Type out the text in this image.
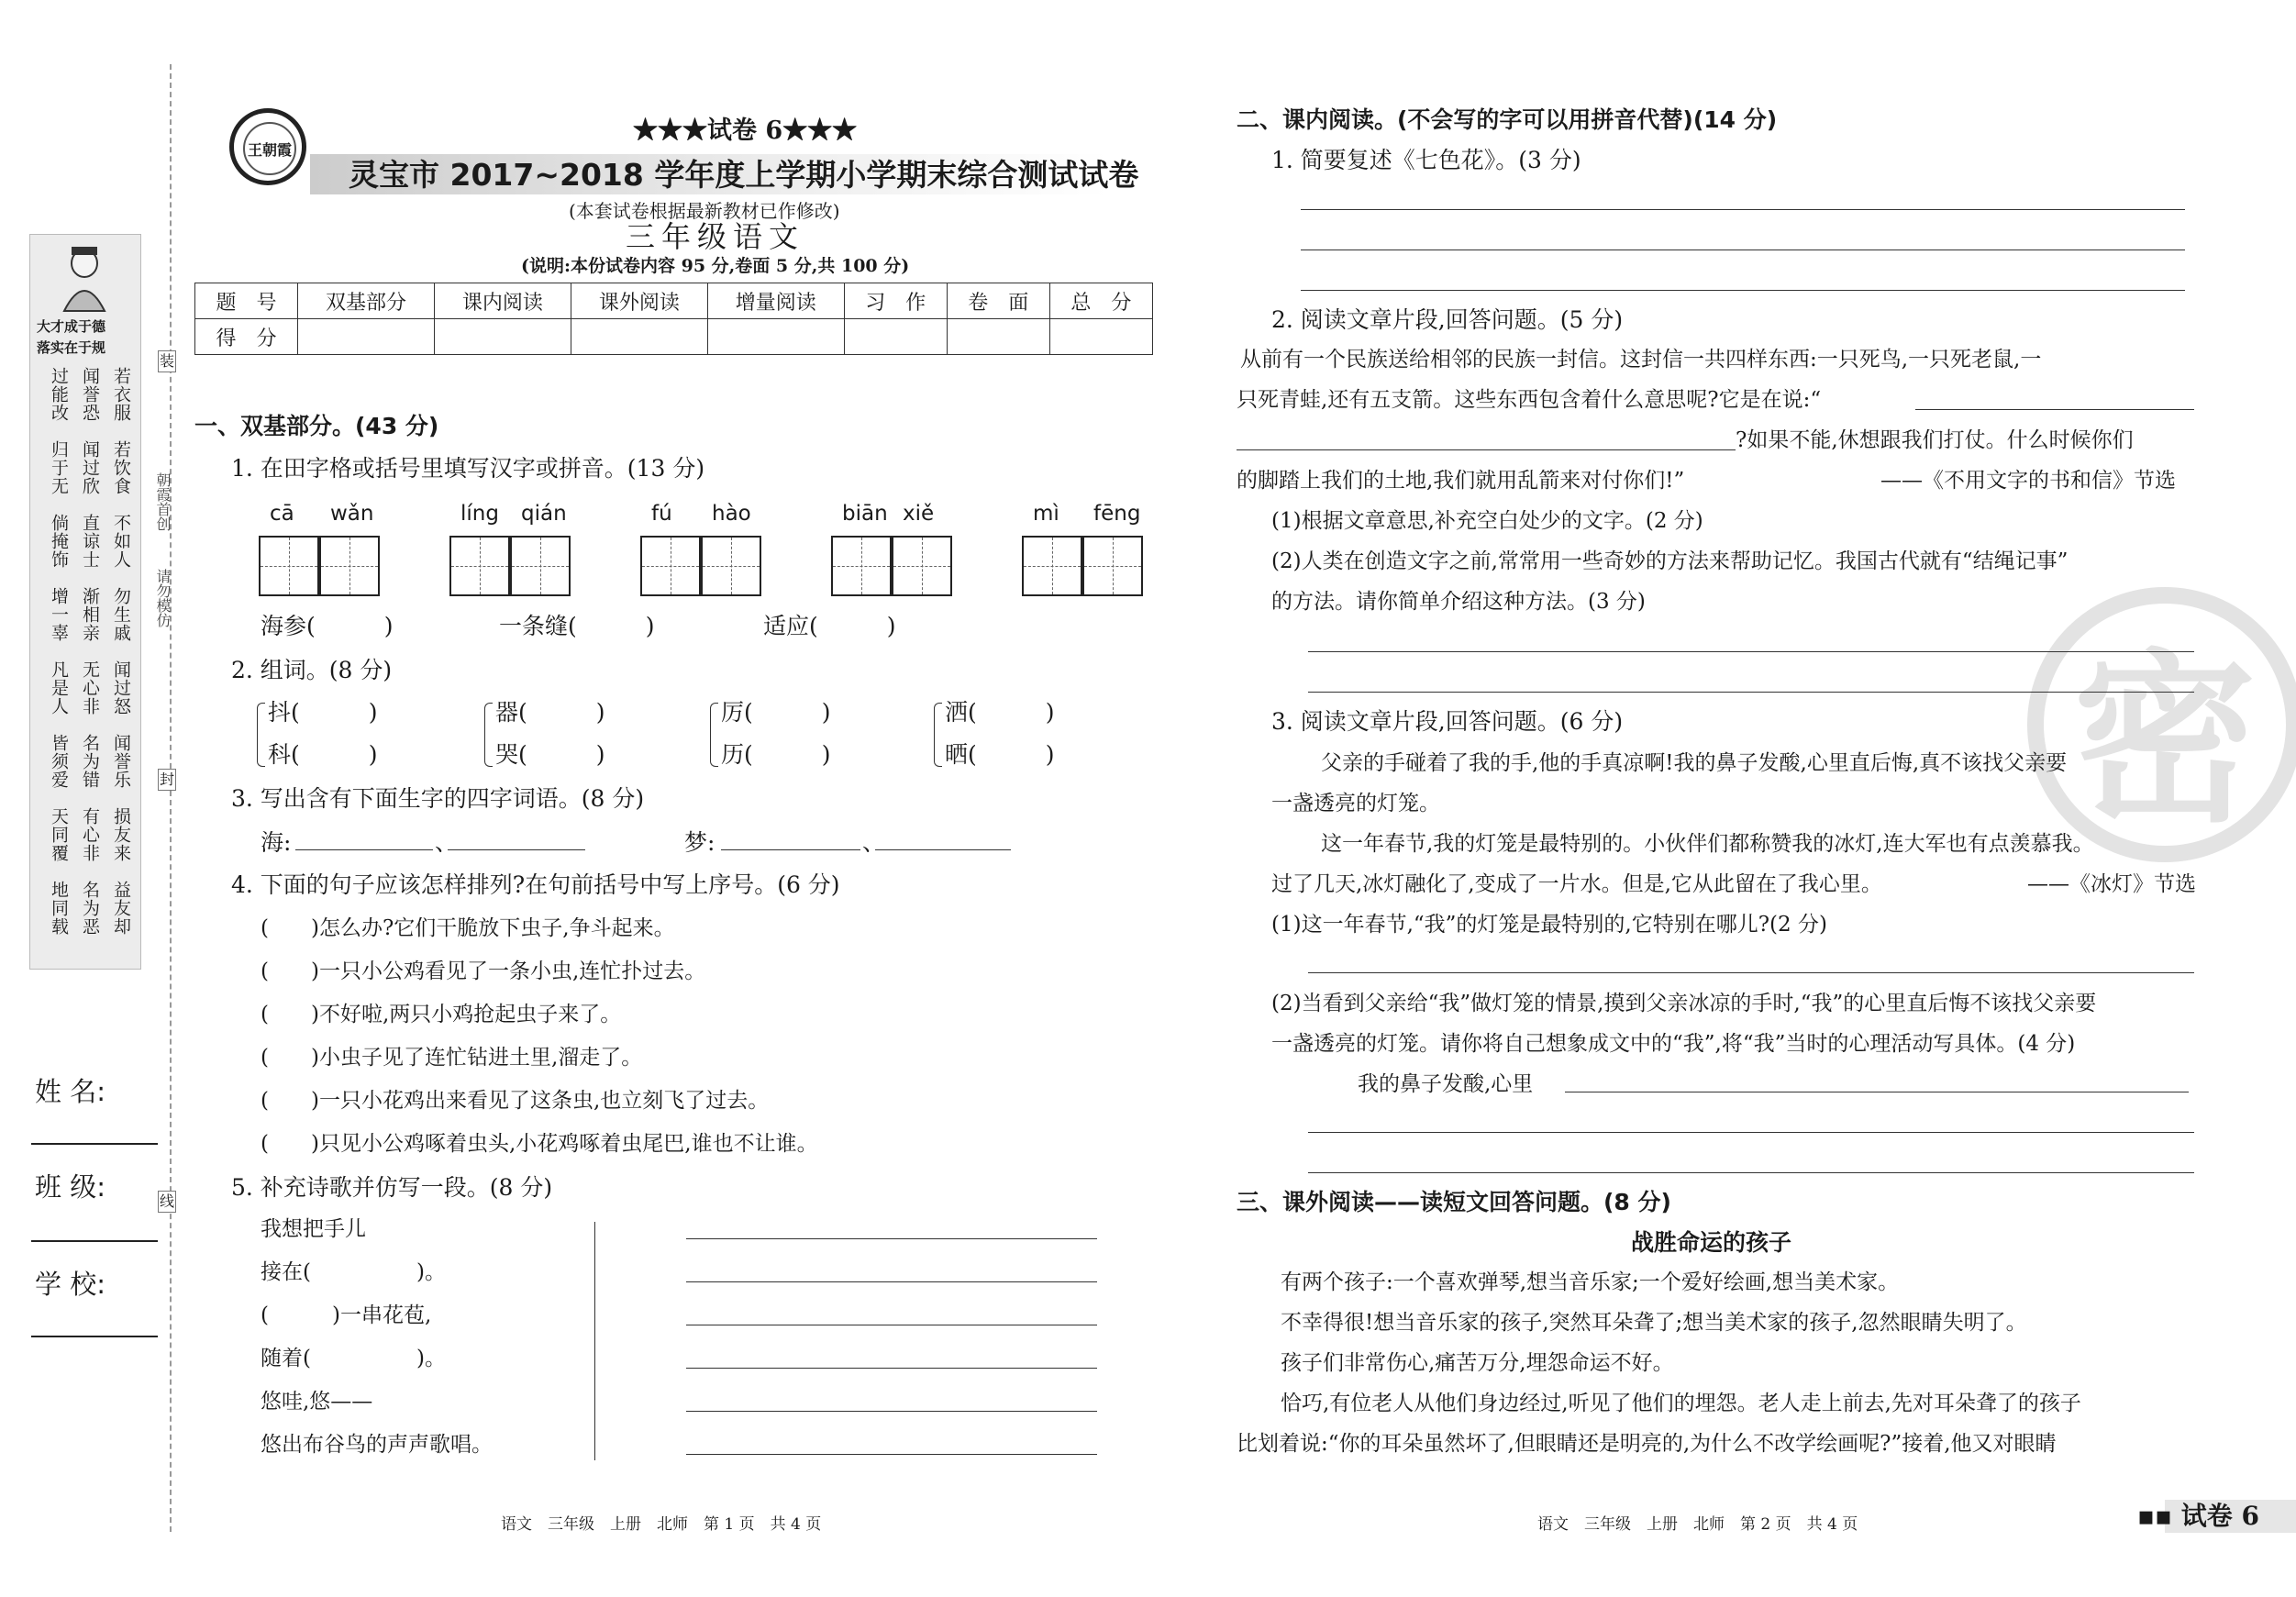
装
封
线
大才成于德
落实在于规
过能改 闻誉恐 若衣服
归于无 闻过欣 若饮食
倘掩饰 直谅士 不如人
增一辜 渐相亲 勿生戚
凡是人 无心非 闻过怒
皆须爱 名为错 闻誉乐
天同覆 有心非 损友来
地同载 名为恶 益友却
朝霞首创
请勿模仿
姓 名:
班 级:
学 校:
★★★试卷 6★★★
王朝霞
灵宝市 2017~2018 学年度上学期小学期末综合测试试卷
(本套试卷根据最新教材已作修改)
三年级语文
(说明:本份试卷内容 95 分,卷面 5 分,共 100 分)
题　号	双基部分	课内阅读	课外阅读	增量阅读	习　作	卷　面	总　分
得　分							
一、双基部分。(43 分)
1. 在田字格或括号里填写汉字或拼音。(13 分)
cā wǎn	líng qián	fú hào	biān xiě	mì fēng
海参(　　　)	一条缝(　　　)	适应(　　　)
2. 组词。(8 分)
抖(　　　)
科(　　　)
器(　　　)
哭(　　　)
厉(　　　)
历(　　　)
洒(　　　)
晒(　　　)
3. 写出含有下面生字的四字词语。(8 分)
海:	、	梦:	、
4. 下面的句子应该怎样排列?在句前括号中写上序号。(6 分)
(　　)怎么办?它们干脆放下虫子,争斗起来。
(　　)一只小公鸡看见了一条小虫,连忙扑过去。
(　　)不好啦,两只小鸡抢起虫子来了。
(　　)小虫子见了连忙钻进土里,溜走了。
(　　)一只小花鸡出来看见了这条虫,也立刻飞了过去。
(　　)只见小公鸡啄着虫头,小花鸡啄着虫尾巴,谁也不让谁。
5. 补充诗歌并仿写一段。(8 分)
我想把手儿
接在(　　　　　)。
(　　　)一串花苞,
随着(　　　　　)。
悠哇,悠——
悠出布谷鸟的声声歌唱。
语文　三年级　上册　北师　第 1 页　共 4 页
密
二、课内阅读。(不会写的字可以用拼音代替)(14 分)
1. 简要复述《七色花》。(3 分)
2. 阅读文章片段,回答问题。(5 分)
从前有一个民族送给相邻的民族一封信。这封信一共四样东西:一只死鸟,一只死老鼠,一
只死青蛙,还有五支箭。这些东西包含着什么意思呢?它是在说:“
?如果不能,休想跟我们打仗。什么时候你们
的脚踏上我们的土地,我们就用乱箭来对付你们!”	——《不用文字的书和信》节选
(1)根据文章意思,补充空白处少的文字。(2 分)
(2)人类在创造文字之前,常常用一些奇妙的方法来帮助记忆。我国古代就有“结绳记事”
的方法。请你简单介绍这种方法。(3 分)
3. 阅读文章片段,回答问题。(6 分)
父亲的手碰着了我的手,他的手真凉啊!我的鼻子发酸,心里直后悔,真不该找父亲要
一盏透亮的灯笼。
这一年春节,我的灯笼是最特别的。小伙伴们都称赞我的冰灯,连大军也有点羡慕我。
过了几天,冰灯融化了,变成了一片水。但是,它从此留在了我心里。	——《冰灯》节选
(1)这一年春节,“我”的灯笼是最特别的,它特别在哪儿?(2 分)
(2)当看到父亲给“我”做灯笼的情景,摸到父亲冰凉的手时,“我”的心里直后悔不该找父亲要
一盏透亮的灯笼。请你将自己想象成文中的“我”,将“我”当时的心理活动写具体。(4 分)
我的鼻子发酸,心里
三、课外阅读——读短文回答问题。(8 分)
战胜命运的孩子
有两个孩子:一个喜欢弹琴,想当音乐家;一个爱好绘画,想当美术家。
不幸得很!想当音乐家的孩子,突然耳朵聋了;想当美术家的孩子,忽然眼睛失明了。
孩子们非常伤心,痛苦万分,埋怨命运不好。
恰巧,有位老人从他们身边经过,听见了他们的埋怨。老人走上前去,先对耳朵聋了的孩子
比划着说:“你的耳朵虽然坏了,但眼睛还是明亮的,为什么不改学绘画呢?”接着,他又对眼睛
语文　三年级　上册　北师　第 2 页　共 4 页	▪▪ 试卷 6
